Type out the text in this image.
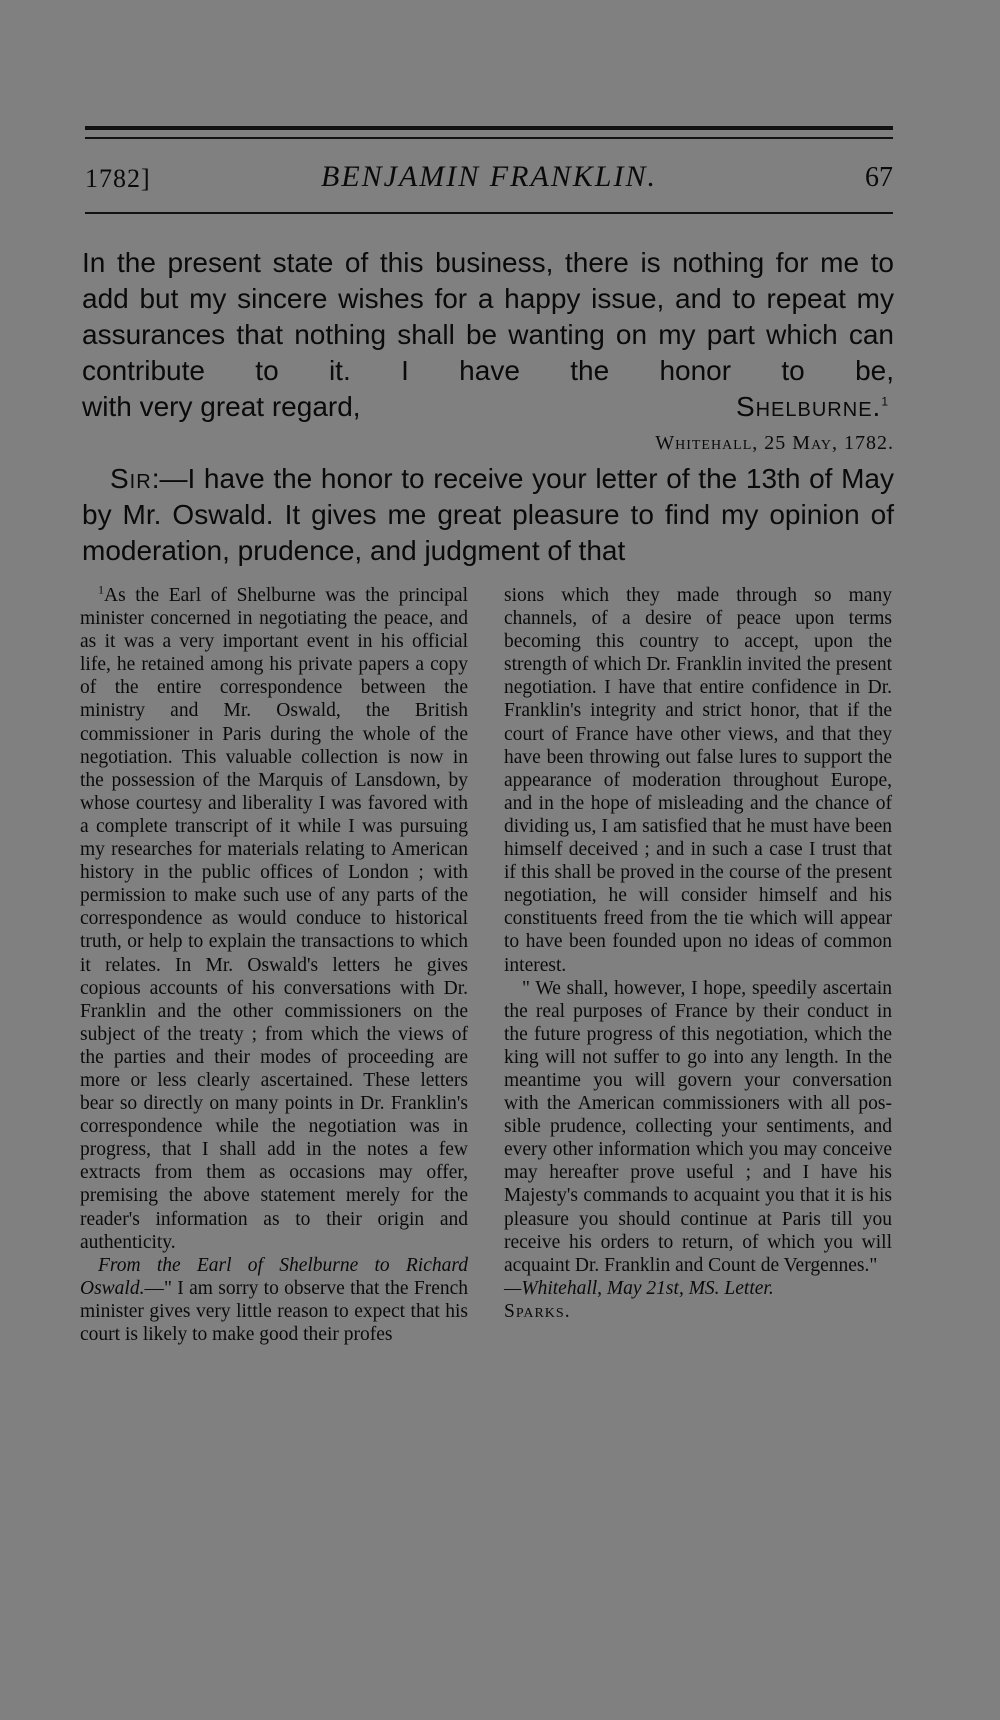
1782]	BENJAMIN FRANKLIN.	67

In the present state of this business, there is nothing for me to add but my sincere wishes for a happy issue, and to repeat my assurances that nothing shall be wanting on my part which can contribute to it. I have the honor to be,

with very great regard,	Shelburne.$^1$

Whitehall, 25 May, 1782.

Sir:—I have the honor to receive your letter of the 13th of May by Mr. Oswald. It gives me great pleasure to find my opinion of moderation, prudence, and judgment of that

$^1$As the Earl of Shelburne was the principal minister concerned in negotiating the peace, and as it was a very important event in his official life, he retained among his private papers a copy of the entire correspondence between the ministry and Mr. Oswald, the British commissioner in Paris during the whole of the negotiation. This valuable collection is now in the possession of the Marquis of Lansdown, by whose courtesy and liberality I was favored with a complete transcript of it while I was pursuing my researches for materials relating to American history in the public offices of London ; with permission to make such use of any parts of the correspondence as would conduce to historical truth, or help to explain the transactions to which it relates. In Mr. Oswald's letters he gives copious accounts of his conversations with Dr. Franklin and the other commissioners on the subject of the treaty ; from which the views of the parties and their modes of proceeding are more or less clearly ascertained. These letters bear so directly on many points in Dr. Franklin's correspondence while the negotiation was in progress, that I shall add in the notes a few extracts from them as occasions may offer, premising the above statement merely for the reader's information as to their origin and authenticity.

From the Earl of Shelburne to Richard Oswald.—" I am sorry to observe that the French minister gives very little reason to expect that his court is likely to make good their profes

sions which they made through so many channels, of a desire of peace upon terms becoming this country to accept, upon the strength of which Dr. Franklin invited the present negotiation. I have that entire confidence in Dr. Franklin's integrity and strict honor, that if the court of France have other views, and that they have been throwing out false lures to support the appearance of moderation throughout Europe, and in the hope of misleading and the chance of dividing us, I am satisfied that he must have been himself deceived ; and in such a case I trust that if this shall be proved in the course of the present negotiation, he will consider himself and his constituents freed from the tie which will appear to have been founded upon no ideas of common interest.

" We shall, however, I hope, speedily ascertain the real purposes of France by their conduct in the future progress of this negotiation, which the king will not suffer to go into any length. In the meantime you will govern your conversation with the American commissioners with all possible prudence, collecting your sentiments, and every other information which you may conceive may hereafter prove useful ; and I have his Majesty's commands to acquaint you that it is his pleasure you should continue at Paris till you receive his orders to return, of which you will acquaint Dr. Franklin and Count de Vergennes."
—Whitehall, May 21st, MS. Letter.
Sparks.
